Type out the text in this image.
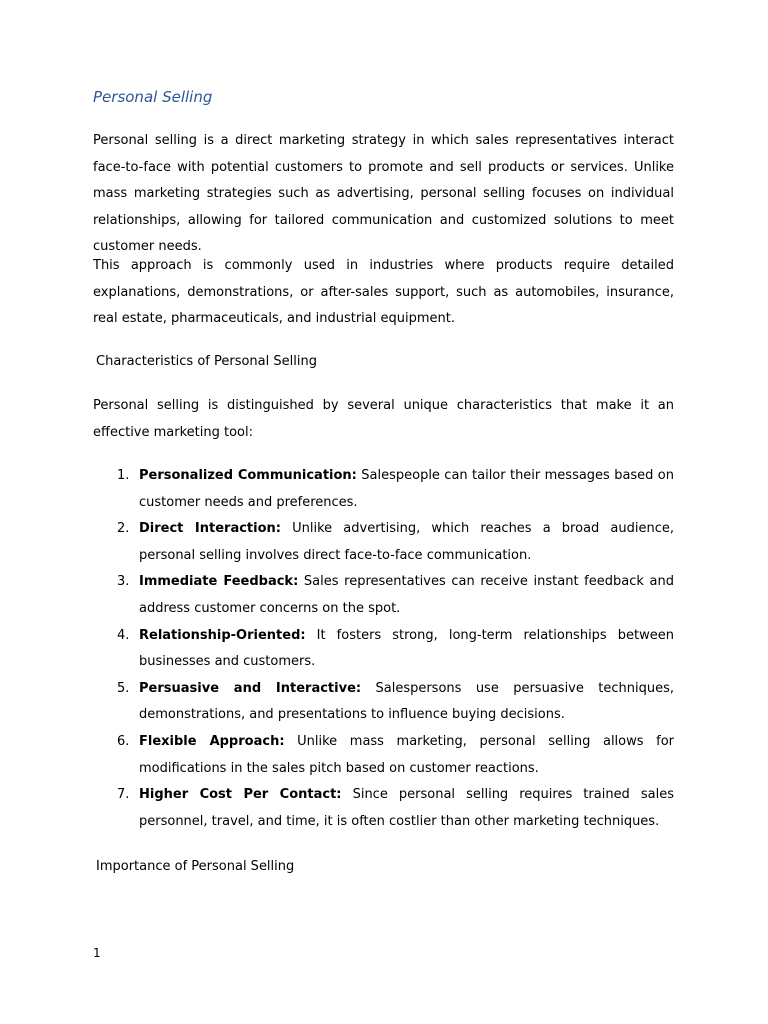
Personal Selling

Personal selling is a direct marketing strategy in which sales representatives interact face-to-face with potential customers to promote and sell products or services. Unlike mass marketing strategies such as advertising, personal selling focuses on individual relationships, allowing for tailored communication and customized solutions to meet customer needs.

This approach is commonly used in industries where products require detailed explanations, demonstrations, or after-sales support, such as automobiles, insurance, real estate, pharmaceuticals, and industrial equipment.

Characteristics of Personal Selling

Personal selling is distinguished by several unique characteristics that make it an effective marketing tool:

1. Personalized Communication: Salespeople can tailor their messages based on customer needs and preferences.
2. Direct Interaction: Unlike advertising, which reaches a broad audience, personal selling involves direct face-to-face communication.
3. Immediate Feedback: Sales representatives can receive instant feedback and address customer concerns on the spot.
4. Relationship-Oriented: It fosters strong, long-term relationships between businesses and customers.
5. Persuasive and Interactive: Salespersons use persuasive techniques, demonstrations, and presentations to influence buying decisions.
6. Flexible Approach: Unlike mass marketing, personal selling allows for modifications in the sales pitch based on customer reactions.
7. Higher Cost Per Contact: Since personal selling requires trained sales personnel, travel, and time, it is often costlier than other marketing techniques.

Importance of Personal Selling

1
